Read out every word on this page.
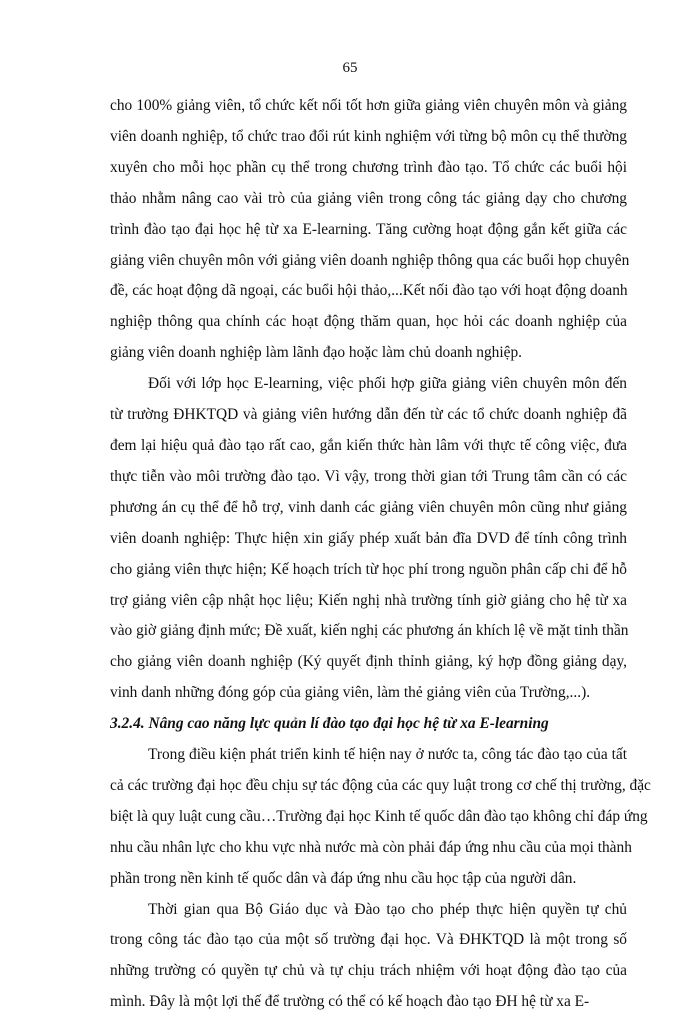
65

cho 100% giảng viên, tổ chức kết nối tốt hơn giữa giảng viên chuyên môn và giảng
viên doanh nghiệp, tổ chức trao đổi rút kinh nghiệm với từng bộ môn cụ thể thường
xuyên cho mỗi học phần cụ thể trong chương trình đào tạo. Tổ chức các buổi hội
thảo nhằm nâng cao vài trò của giảng viên trong công tác giảng dạy cho chương
trình đào tạo đại học hệ từ xa E-learning. Tăng cường hoạt động gắn kết giữa các
giảng viên chuyên môn với giảng viên doanh nghiệp thông qua các buổi họp chuyên
đề, các hoạt động dã ngoại, các buổi hội thảo,...Kết nối đào tạo với hoạt động doanh
nghiệp thông qua chính các hoạt động thăm quan, học hỏi các doanh nghiệp của
giảng viên doanh nghiệp làm lãnh đạo hoặc làm chủ doanh nghiệp.

Đối với lớp học E-learning, việc phối hợp giữa giảng viên chuyên môn đến
từ trường ĐHKTQD và giảng viên hướng dẫn đến từ các tổ chức doanh nghiệp đã
đem lại hiệu quả đào tạo rất cao, gắn kiến thức hàn lâm với thực tế công việc, đưa
thực tiễn vào môi trường đào tạo. Vì vậy, trong thời gian tới Trung tâm cần có các
phương án cụ thể để hỗ trợ, vinh danh các giảng viên chuyên môn cũng như giảng
viên doanh nghiệp: Thực hiện xin giấy phép xuất bản đĩa DVD để tính công trình
cho giảng viên thực hiện; Kế hoạch trích từ học phí trong nguồn phân cấp chi để hỗ
trợ giảng viên cập nhật học liệu; Kiến nghị nhà trường tính giờ giảng cho hệ từ xa
vào giờ giảng định mức; Đề xuất, kiến nghị các phương án khích lệ về mặt tinh thần
cho giảng viên doanh nghiệp (Ký quyết định thỉnh giảng, ký hợp đồng giảng dạy,
vinh danh những đóng góp của giảng viên, làm thẻ giảng viên của Trường,...).

3.2.4. Nâng cao năng lực quản lí đào tạo đại học hệ từ xa E-learning

Trong điều kiện phát triển kinh tế hiện nay ở nước ta, công tác đào tạo của tất
cả các trường đại học đều chịu sự tác động của các quy luật trong cơ chế thị trường, đặc
biệt là quy luật cung cầu…Trường đại học Kinh tế quốc dân đào tạo không chỉ đáp ứng
nhu cầu nhân lực cho khu vực nhà nước mà còn phải đáp ứng nhu cầu của mọi thành
phần trong nền kinh tế quốc dân và đáp ứng nhu cầu học tập của người dân.

Thời gian qua Bộ Giáo dục và Đào tạo cho phép thực hiện quyền tự chủ
trong công tác đào tạo của một số trường đại học. Và ĐHKTQD là một trong số
những trường có quyền tự chủ và tự chịu trách nhiệm với hoạt động đào tạo của
mình. Đây là một lợi thế để trường có thể có kế hoạch đào tạo ĐH hệ từ xa E-
